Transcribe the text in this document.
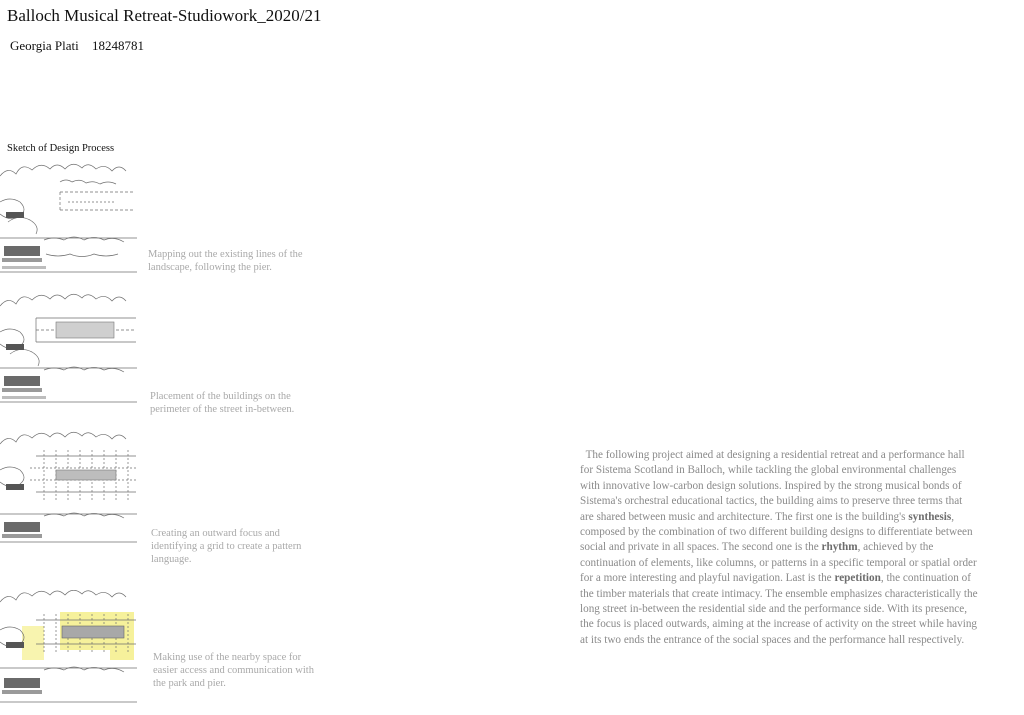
Balloch Musical Retreat-Studiowork_2020/21
Georgia Plati 18248781
Sketch of Design Process
Mapping out the existing lines of the landscape, following the pier.
Placement of the buildings on the perimeter of the street in-between.
Creating an outward focus and identifying a grid to create a pattern language.
Making use of the nearby space for easier access and communication with the park and pier.
The following project aimed at designing a residential retreat and a performance hall for Sistema Scotland in Balloch, while tackling the global environmental challenges with innovative low-carbon design solutions. Inspired by the strong musical bonds of Sistema's orchestral educational tactics, the building aims to preserve three terms that are shared between music and architecture. The first one is the building's synthesis, composed by the combination of two different building designs to differentiate between social and private in all spaces. The second one is the rhythm, achieved by the continuation of elements, like columns, or patterns in a specific temporal or spatial order for a more interesting and playful navigation. Last is the repetition, the continuation of the timber materials that create intimacy. The ensemble emphasizes characteristically the long street in-between the residential side and the performance side. With its presence, the focus is placed outwards, aiming at the increase of activity on the street while having at its two ends the entrance of the social spaces and the performance hall respectively.
